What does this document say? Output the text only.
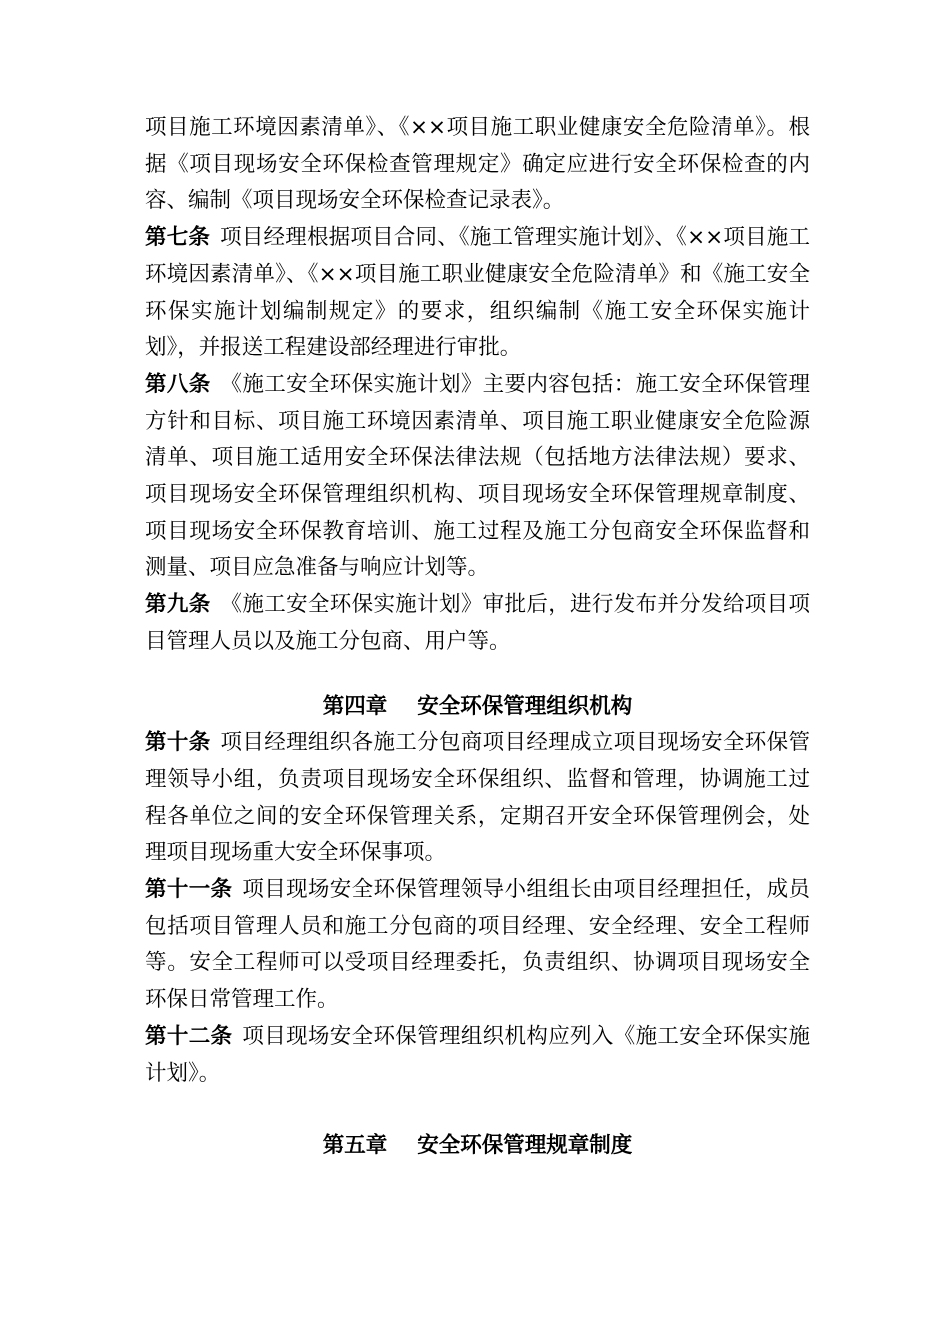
项目施工环境因素清单》、《××项目施工职业健康安全危险清单》。根据《项目现场安全环保检查管理规定》确定应进行安全环保检查的内容、编制《项目现场安全环保检查记录表》。

第七条 项目经理根据项目合同、《施工管理实施计划》、《××项目施工环境因素清单》、《××项目施工职业健康安全危险清单》和《施工安全环保实施计划编制规定》的要求，组织编制《施工安全环保实施计划》，并报送工程建设部经理进行审批。

第八条 《施工安全环保实施计划》主要内容包括：施工安全环保管理方针和目标、项目施工环境因素清单、项目施工职业健康安全危险源清单、项目施工适用安全环保法律法规（包括地方法律法规）要求、项目现场安全环保管理组织机构、项目现场安全环保管理规章制度、项目现场安全环保教育培训、施工过程及施工分包商安全环保监督和测量、项目应急准备与响应计划等。

第九条 《施工安全环保实施计划》审批后，进行发布并分发给项目项目管理人员以及施工分包商、用户等。

第四章 安全环保管理组织机构

第十条 项目经理组织各施工分包商项目经理成立项目现场安全环保管理领导小组，负责项目现场安全环保组织、监督和管理，协调施工过程各单位之间的安全环保管理关系，定期召开安全环保管理例会，处理项目现场重大安全环保事项。

第十一条 项目现场安全环保管理领导小组组长由项目经理担任，成员包括项目管理人员和施工分包商的项目经理、安全经理、安全工程师等。安全工程师可以受项目经理委托，负责组织、协调项目现场安全环保日常管理工作。

第十二条 项目现场安全环保管理组织机构应列入《施工安全环保实施计划》。

第五章 安全环保管理规章制度
